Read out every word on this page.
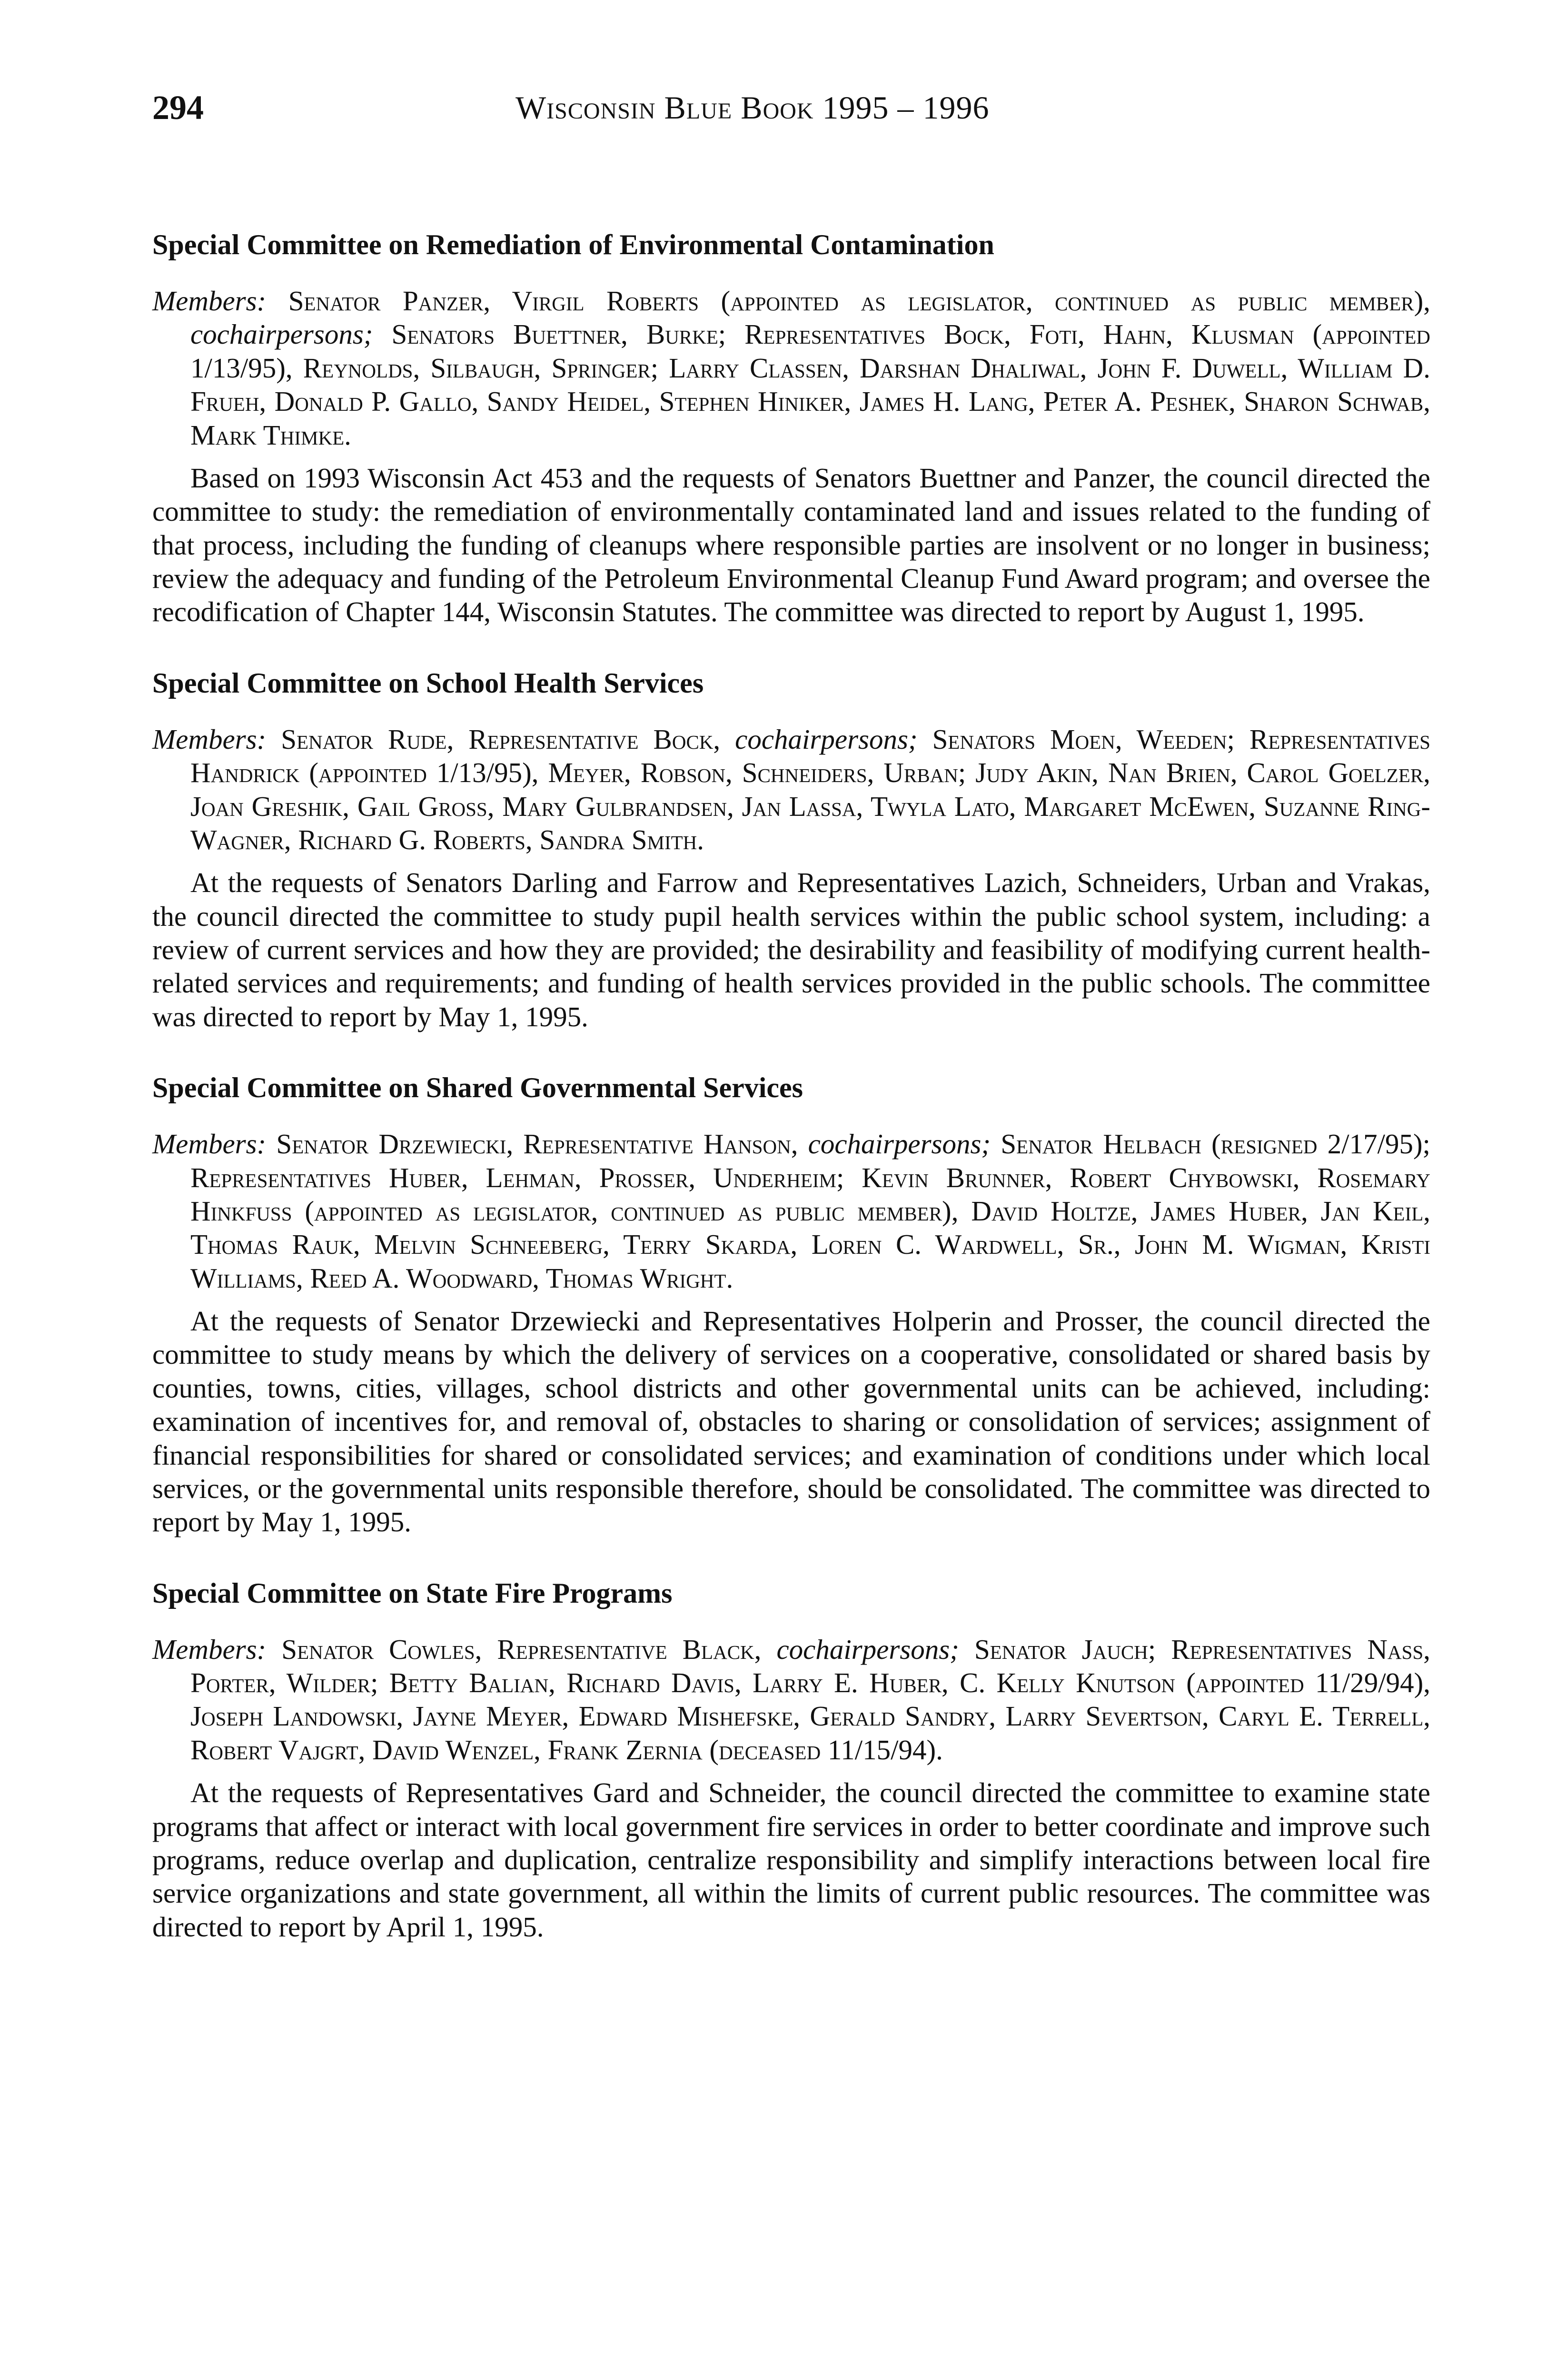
294	Wisconsin Blue Book 1995 – 1996
Special Committee on Remediation of Environmental Contamination

Members: Senator Panzer, Virgil Roberts (appointed as legislator, continued as public member), cochairpersons; Senators Buettner, Burke; Representatives Bock, Foti, Hahn, Klusman (appointed 1/13/95), Reynolds, Silbaugh, Springer; Larry Classen, Darshan Dhaliwal, John F. Duwell, William D. Frueh, Donald P. Gallo, Sandy Heidel, Stephen Hiniker, James H. Lang, Peter A. Peshek, Sharon Schwab, Mark Thimke.

Based on 1993 Wisconsin Act 453 and the requests of Senators Buettner and Panzer, the council directed the committee to study: the remediation of environmentally contaminated land and issues related to the funding of that process, including the funding of cleanups where responsible parties are insolvent or no longer in business; review the adequacy and funding of the Petroleum Environmental Cleanup Fund Award program; and oversee the recodification of Chapter 144, Wisconsin Statutes. The committee was directed to report by August 1, 1995.

Special Committee on School Health Services

Members: Senator Rude, Representative Bock, cochairpersons; Senators Moen, Weeden; Representatives Handrick (appointed 1/13/95), Meyer, Robson, Schneiders, Urban; Judy Akin, Nan Brien, Carol Goelzer, Joan Greshik, Gail Gross, Mary Gulbrandsen, Jan Lassa, Twyla Lato, Margaret McEwen, Suzanne Ring-Wagner, Richard G. Roberts, Sandra Smith.

At the requests of Senators Darling and Farrow and Representatives Lazich, Schneiders, Urban and Vrakas, the council directed the committee to study pupil health services within the public school system, including: a review of current services and how they are provided; the desirability and feasibility of modifying current health-related services and requirements; and funding of health services provided in the public schools. The committee was directed to report by May 1, 1995.

Special Committee on Shared Governmental Services

Members: Senator Drzewiecki, Representative Hanson, cochairpersons; Senator Helbach (resigned 2/17/95); Representatives Huber, Lehman, Prosser, Underheim; Kevin Brunner, Robert Chybowski, Rosemary Hinkfuss (appointed as legislator, continued as public member), David Holtze, James Huber, Jan Keil, Thomas Rauk, Melvin Schneeberg, Terry Skarda, Loren C. Wardwell, Sr., John M. Wigman, Kristi Williams, Reed A. Woodward, Thomas Wright.

At the requests of Senator Drzewiecki and Representatives Holperin and Prosser, the council directed the committee to study means by which the delivery of services on a cooperative, consolidated or shared basis by counties, towns, cities, villages, school districts and other governmental units can be achieved, including: examination of incentives for, and removal of, obstacles to sharing or consolidation of services; assignment of financial responsibilities for shared or consolidated services; and examination of conditions under which local services, or the governmental units responsible therefore, should be consolidated. The committee was directed to report by May 1, 1995.

Special Committee on State Fire Programs

Members: Senator Cowles, Representative Black, cochairpersons; Senator Jauch; Representatives Nass, Porter, Wilder; Betty Balian, Richard Davis, Larry E. Huber, C. Kelly Knutson (appointed 11/29/94), Joseph Landowski, Jayne Meyer, Edward Mishefske, Gerald Sandry, Larry Severtson, Caryl E. Terrell, Robert Vajgrt, David Wenzel, Frank Zernia (deceased 11/15/94).

At the requests of Representatives Gard and Schneider, the council directed the committee to examine state programs that affect or interact with local government fire services in order to better coordinate and improve such programs, reduce overlap and duplication, centralize responsibility and simplify interactions between local fire service organizations and state government, all within the limits of current public resources. The committee was directed to report by April 1, 1995.
